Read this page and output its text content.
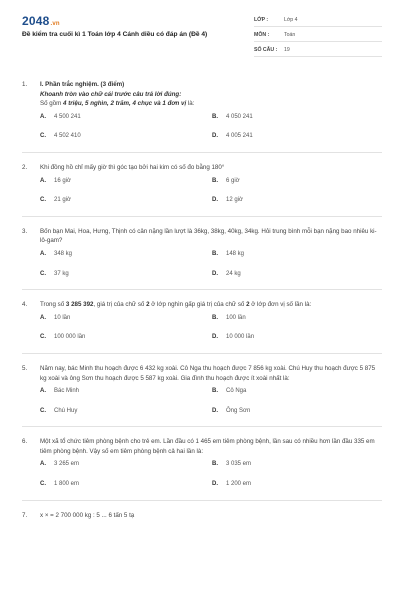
2048.vn
Đề kiểm tra cuối kì 1 Toán lớp 4 Cánh diều có đáp án (Đề 4)
LỚP :	Lớp 4
MÔN :	Toán
SỐ CÂU : 19
1. I. Phần trắc nghiệm. (3 điểm)
Khoanh tròn vào chữ cái trước câu trả lời đúng:
Số gồm 4 triệu, 5 nghìn, 2 trăm, 4 chục và 1 đơn vị là:
A. 4 500 241	B. 4 050 241
C. 4 502 410	D. 4 005 241
2. Khi đồng hồ chỉ mấy giờ thì góc tạo bởi hai kim có số đo bằng 180°
A. 16 giờ	B. 6 giờ
C. 21 giờ	D. 12 giờ
3. Bốn bạn Mai, Hoa, Hưng, Thịnh có cân nặng lần lượt là 36kg, 38kg, 40kg, 34kg. Hỏi trung bình mỗi bạn nặng bao nhiêu ki-lô-gam?
A. 348 kg	B. 148 kg
C. 37 kg	D. 24 kg
4. Trong số 3 285 392, giá trị của chữ số 2 ở lớp nghìn gấp giá trị của chữ số 2 ở lớp đơn vị số lần là:
A. 10 lần	B. 100 lần
C. 100 000 lần	D. 10 000 lần
5. Năm nay, bác Minh thu hoạch được 6 432 kg xoài. Cô Nga thu hoạch được 7 856 kg xoài. Chú Huy thu hoạch được 5 875 kg xoài và ông Sơn thu hoạch được 5 587 kg xoài. Gia đình thu hoạch được ít xoài nhất là:
A. Bác Minh	B. Cô Nga
C. Chú Huy	D. Ông Sơn
6. Một xã tổ chức tiêm phòng bệnh cho trẻ em. Lần đầu có 1 465 em tiêm phòng bệnh, lần sau có nhiều hơn lần đầu 335 em tiêm phòng bệnh. Vậy số em tiêm phòng bệnh cả hai lần là:
A. 3 265 em	B. 3 035 em
C. 1 800 em	D. 1 200 em
7. x × = 2 700 000 kg : 5 ... 6 tấn 5 tạ
